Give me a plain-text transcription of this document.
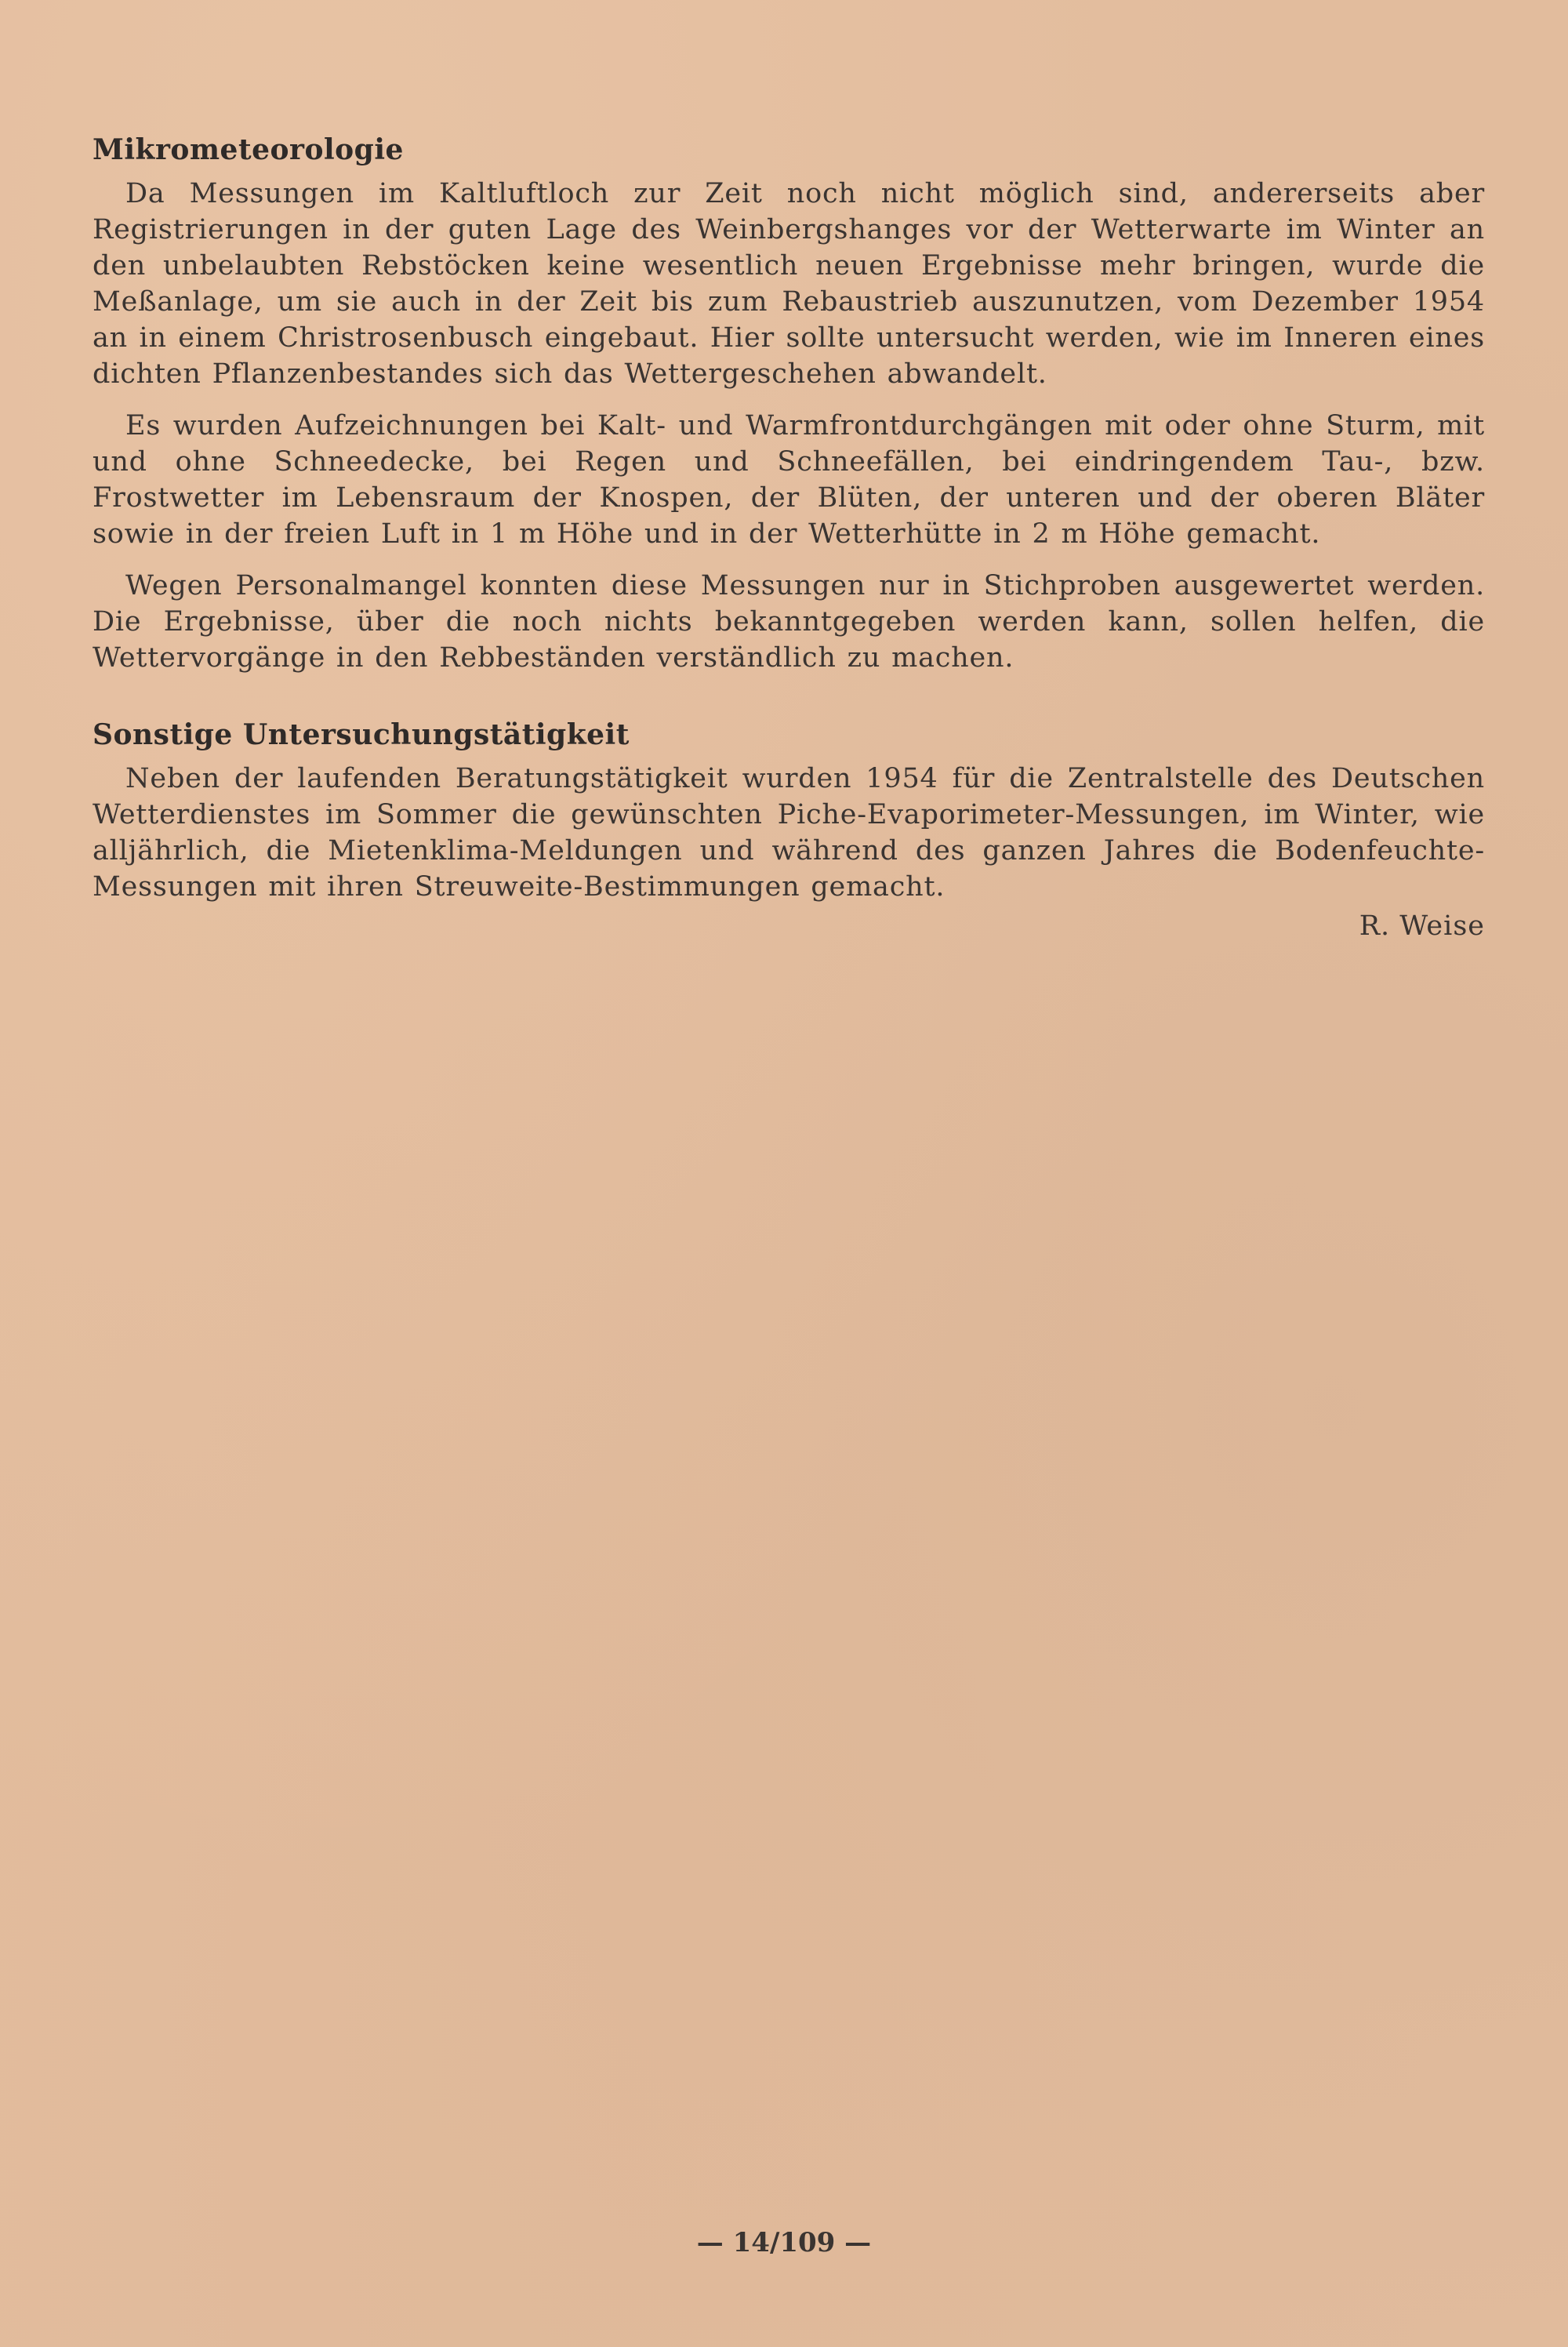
Mikrometeorologie

Da Messungen im Kaltluftloch zur Zeit noch nicht möglich sind, andererseits aber Registrierungen in der guten Lage des Weinbergshanges vor der Wetterwarte im Winter an den unbelaubten Rebstöcken keine wesentlich neuen Ergebnisse mehr bringen, wurde die Meßanlage, um sie auch in der Zeit bis zum Rebaustrieb auszunutzen, vom Dezember 1954 an in einem Christrosenbusch eingebaut. Hier sollte untersucht werden, wie im Inneren eines dichten Pflanzenbestandes sich das Wettergeschehen abwandelt.

Es wurden Aufzeichnungen bei Kalt- und Warmfrontdurchgängen mit oder ohne Sturm, mit und ohne Schneedecke, bei Regen und Schneefällen, bei eindringendem Tau-, bzw. Frostwetter im Lebensraum der Knospen, der Blüten, der unteren und der oberen Bläter sowie in der freien Luft in 1 m Höhe und in der Wetterhütte in 2 m Höhe gemacht.

Wegen Personalmangel konnten diese Messungen nur in Stichproben ausgewertet werden. Die Ergebnisse, über die noch nichts bekanntgegeben werden kann, sollen helfen, die Wettervorgänge in den Rebbeständen verständlich zu machen.

Sonstige Untersuchungstätigkeit

Neben der laufenden Beratungstätigkeit wurden 1954 für die Zentralstelle des Deutschen Wetterdienstes im Sommer die gewünschten Piche-Evaporimeter-Messungen, im Winter, wie alljährlich, die Mietenklima-Meldungen und während des ganzen Jahres die Bodenfeuchte-Messungen mit ihren Streuweite-Bestimmungen gemacht.

R. Weise

— 14/109 —
